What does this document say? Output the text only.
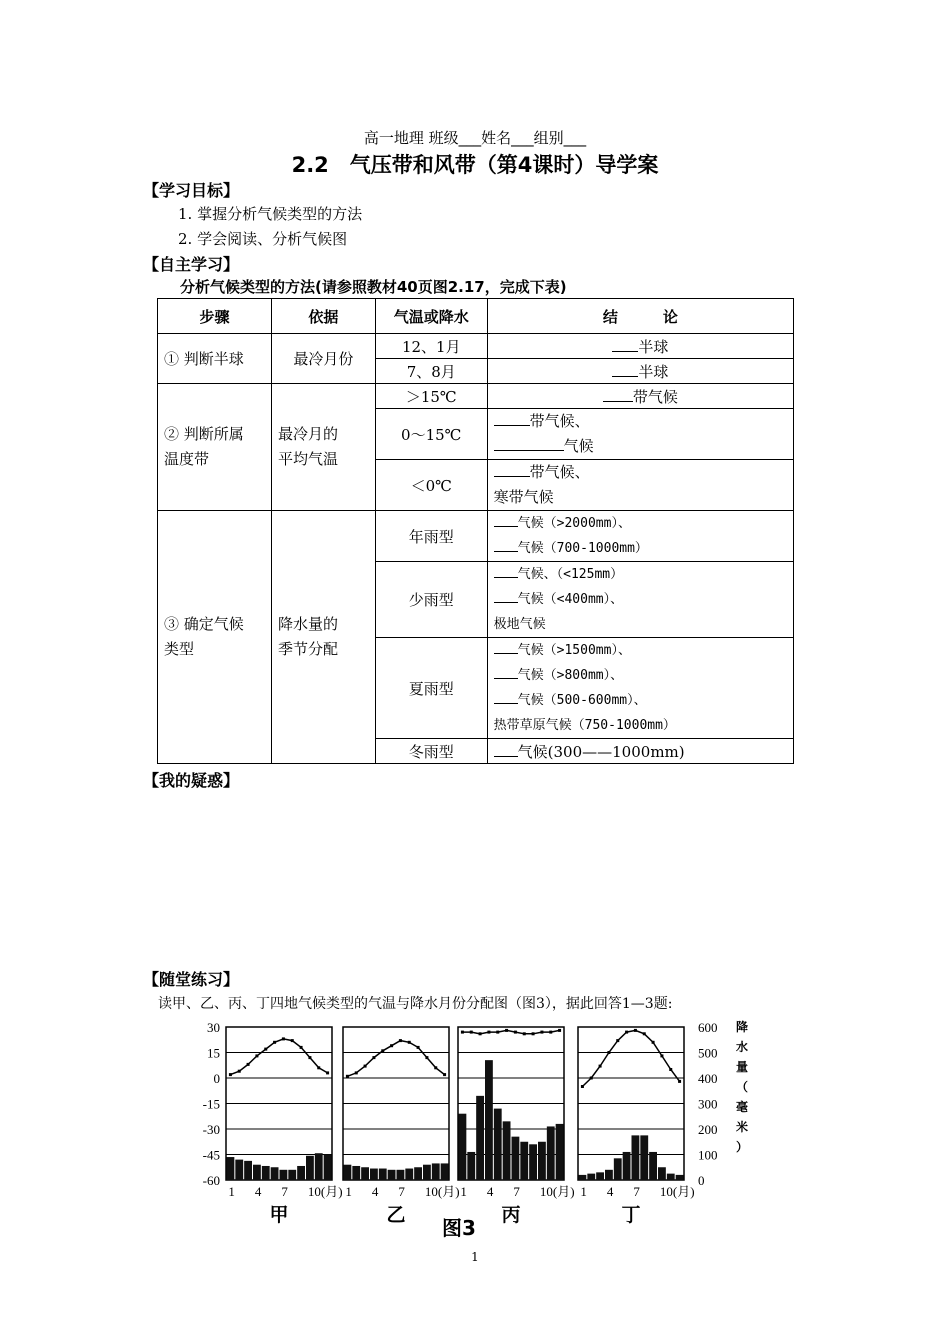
高一地理 班级___姓名___组别___
2.2　气压带和风带（第4课时）导学案
【学习目标】
1. 掌握分析气候类型的方法
2. 学会阅读、分析气候图
【自主学习】
分析气候类型的方法(请参照教材40页图2.17，完成下表)
步骤	依据	气温或降水	结　　　论
① 判断半球	最冷月份	12、1月	半球
		7、8月	半球

② 判断所属温度带	最冷月的平均气温	＞15℃	带气候
		0～15℃	带气候、
气候

		＜0℃	带气候、
寒带气候

③ 确定气候类型	降水量的季节分配	年雨型	气候（>2000mm）、
气候（700-1000mm）

		少雨型	气候、（<125mm）
气候（<400mm）、
极地气候

		夏雨型	气候（>1500mm）、
气候（>800mm）、
气候（500-600mm）、
热带草原气候（750-1000mm）

		冬雨型	气候(300——1000mm)
【我的疑惑】
【随堂练习】
读甲、乙、丙、丁四地气候类型的气温与降水月份分配图（图3），据此回答1—3题:
30
15
0
-15
-30
-45
-60
600
500
400
300
200
100
0
降
水
量
（
毫
米
）
1 4 7 10(月)
甲
1 4 7 10(月)
乙
1 4 7 10(月)
丙
1 4 7 10(月)
丁
图3
1
